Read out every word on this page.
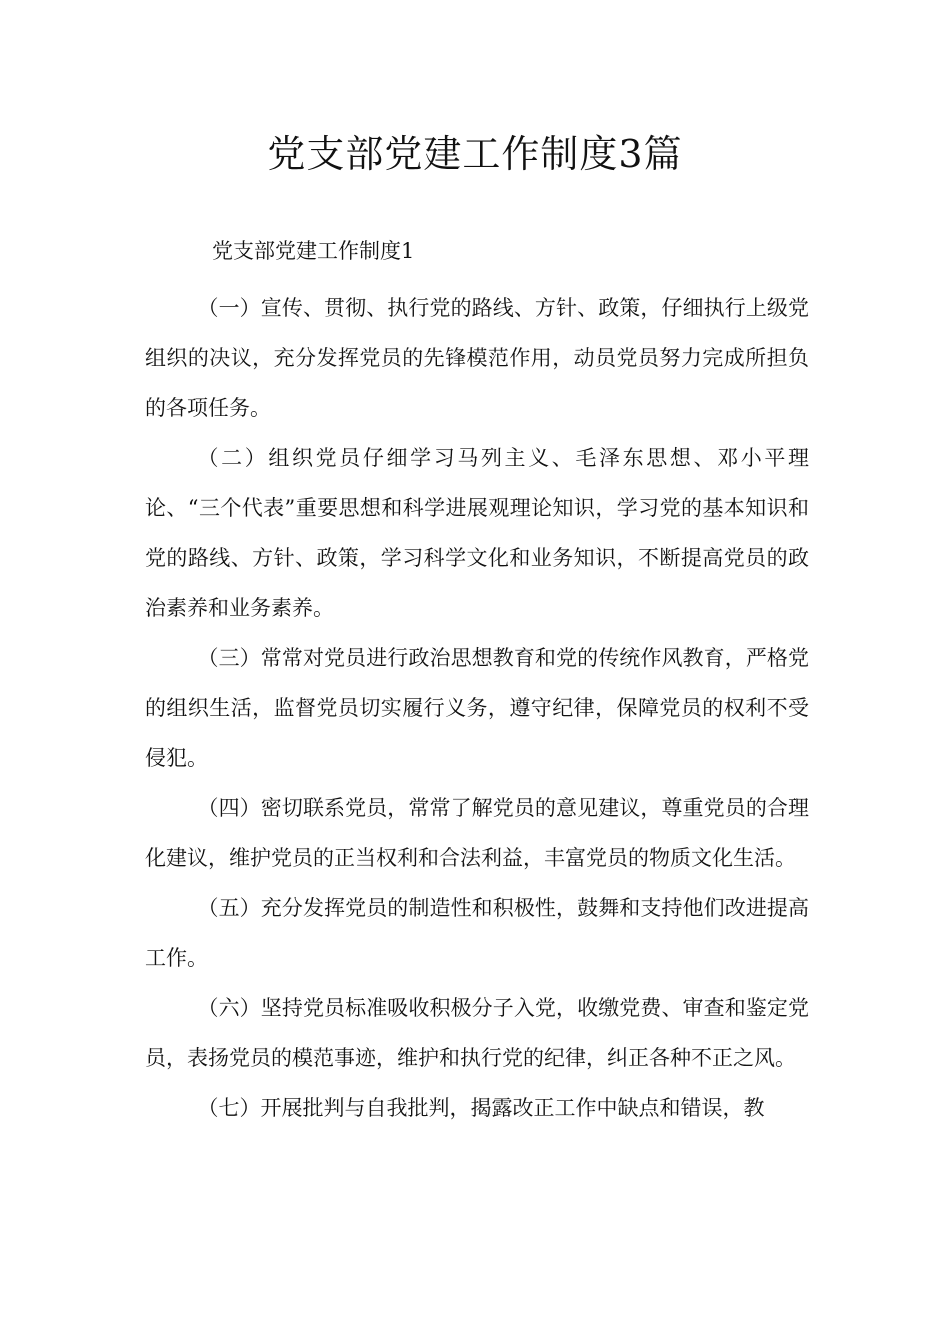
党支部党建工作制度3篇
党支部党建工作制度1

（一）宣传、贯彻、执行党的路线、方针、政策，仔细执行上级党组织的决议，充分发挥党员的先锋模范作用，动员党员努力完成所担负的各项任务。

（二）组织党员仔细学习马列主义、毛泽东思想、邓小平理论、“三个代表”重要思想和科学进展观理论知识，学习党的基本知识和党的路线、方针、政策，学习科学文化和业务知识，不断提高党员的政治素养和业务素养。

（三）常常对党员进行政治思想教育和党的传统作风教育，严格党的组织生活，监督党员切实履行义务，遵守纪律，保障党员的权利不受侵犯。

（四）密切联系党员，常常了解党员的意见建议，尊重党员的合理化建议，维护党员的正当权利和合法利益，丰富党员的物质文化生活。

（五）充分发挥党员的制造性和积极性，鼓舞和支持他们改进提高工作。

（六）坚持党员标准吸收积极分子入党，收缴党费、审查和鉴定党员，表扬党员的模范事迹，维护和执行党的纪律，纠正各种不正之风。

（七）开展批判与自我批判，揭露改正工作中缺点和错误，教
